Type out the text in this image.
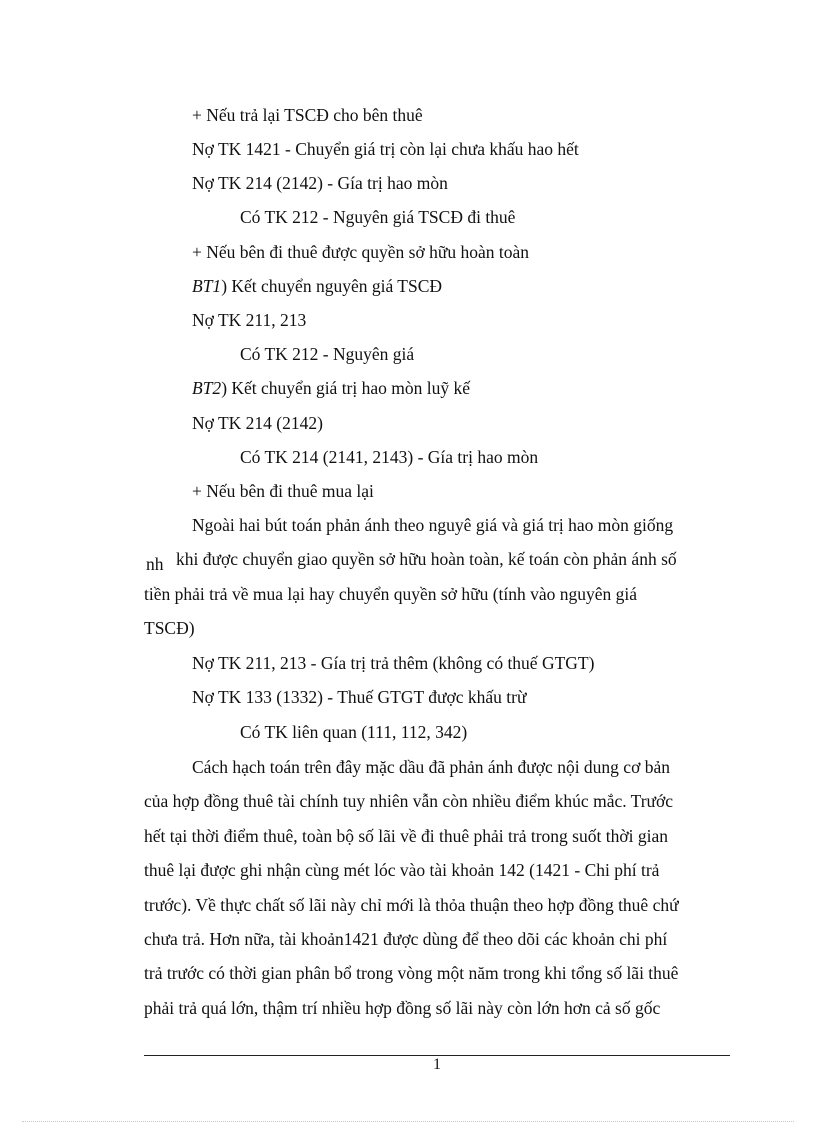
+ Nếu trả lại TSCĐ cho bên thuê
Nợ TK 1421 - Chuyển giá trị còn lại chưa khấu hao hết
Nợ TK 214 (2142) - Gía trị hao mòn
Có TK 212 - Nguyên giá TSCĐ đi thuê
+ Nếu bên đi thuê được quyền sở hữu hoàn toàn
BT1) Kết chuyển nguyên giá TSCĐ
Nợ TK 211, 213
Có TK 212 - Nguyên giá
BT2) Kết chuyển giá trị hao mòn luỹ kế
Nợ TK 214 (2142)
Có TK 214 (2141, 2143) - Gía trị hao mòn
+ Nếu bên đi thuê mua lại
Ngoài hai bút toán phản ánh theo nguyê giá và giá trị hao mòn giống
nh khi được chuyển giao quyền sở hữu hoàn toàn, kế toán còn phản ánh số
tiền phải trả về mua lại hay chuyển quyền sở hữu (tính vào nguyên giá
TSCĐ)
Nợ TK 211, 213 - Gía trị trả thêm (không có thuế GTGT)
Nợ TK 133 (1332) - Thuế GTGT được khấu trừ
Có TK liên quan (111, 112, 342)
Cách hạch toán trên đây mặc dầu đã phản ánh được nội dung cơ bản
của hợp đồng thuê tài chính tuy nhiên vẫn còn nhiều điểm khúc mắc. Trước
hết tại thời điểm thuê, toàn bộ số lãi về đi thuê phải trả trong suốt thời gian
thuê lại được ghi nhận cùng mét lóc vào tài khoản 142 (1421 - Chi phí trả
trước). Về thực chất số lãi này chỉ mới là thỏa thuận theo hợp đồng thuê chứ
chưa trả. Hơn nữa, tài khoản1421 được dùng để theo dõi các khoản chi phí
trả trước có thời gian phân bổ trong vòng một năm trong khi tổng số lãi thuê
phải trả quá lớn, thậm trí nhiều hợp đồng số lãi này còn lớn hơn cả số gốc
1
